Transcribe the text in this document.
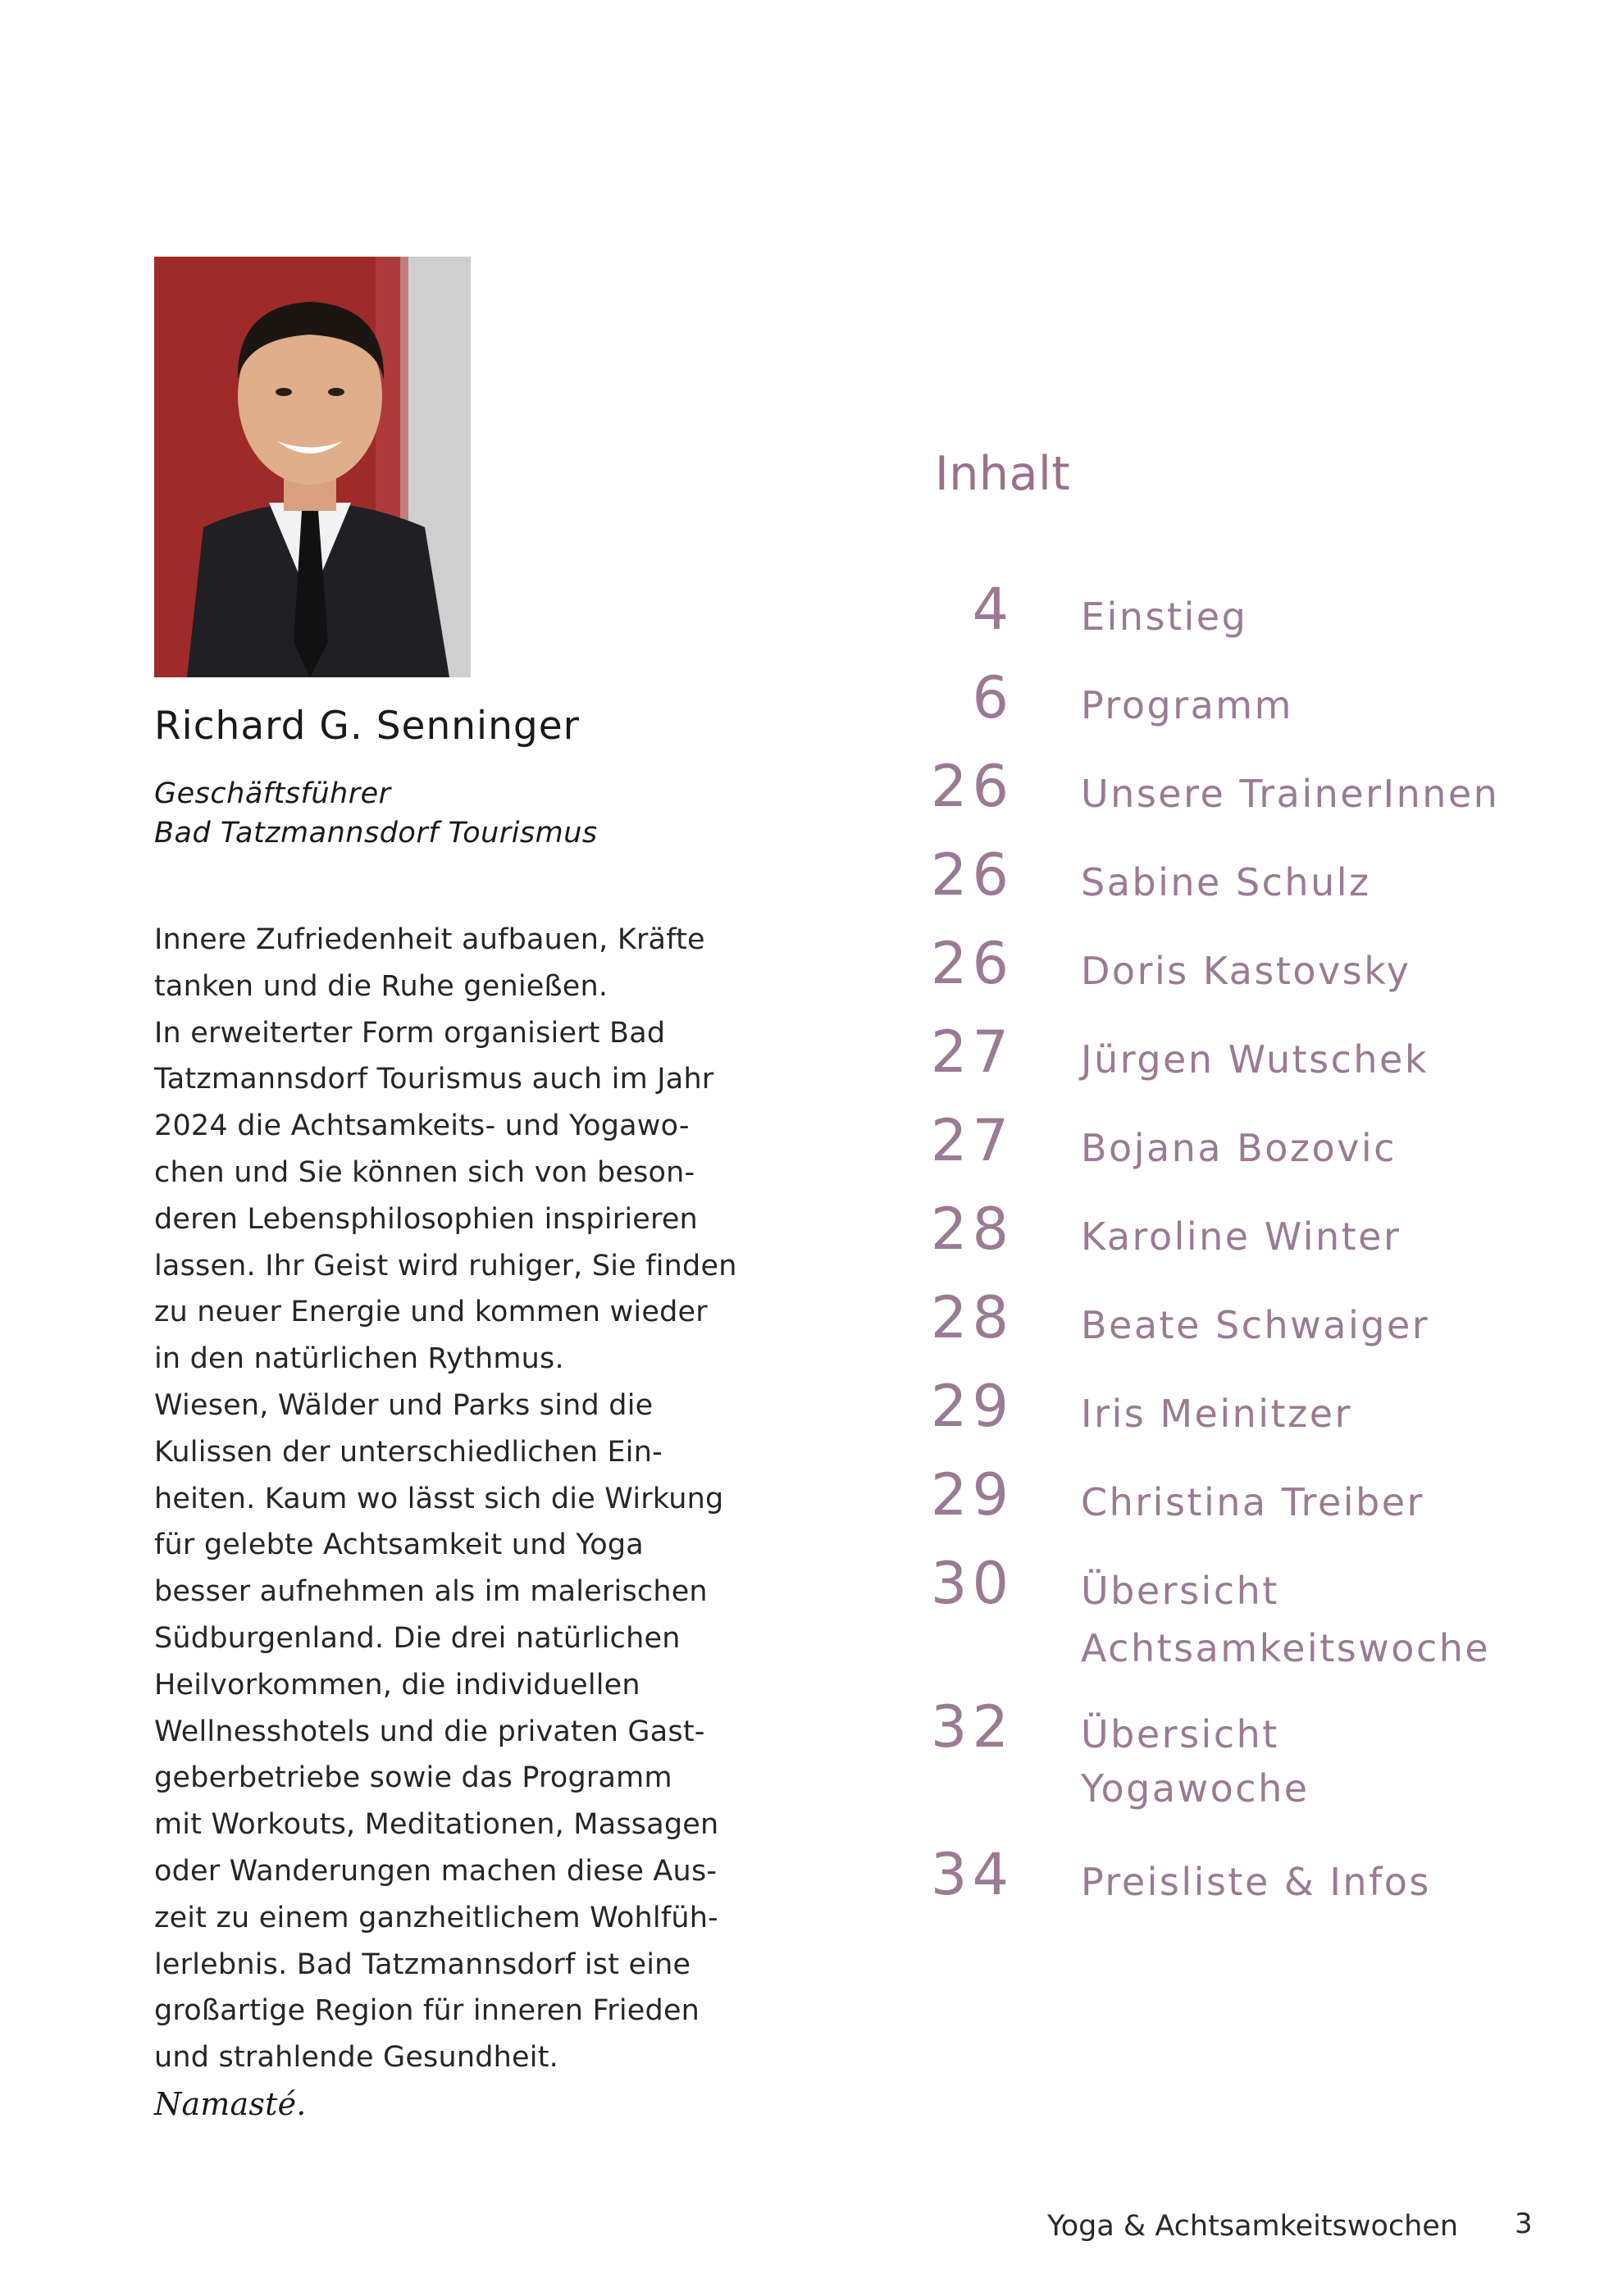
Richard G. Senninger
Geschäftsführer
Bad Tatzmannsdorf Tourismus
Innere Zufriedenheit aufbauen, Kräfte
tanken und die Ruhe genießen.
In erweiterter Form organisiert Bad
Tatzmannsdorf Tourismus auch im Jahr
2024 die Achtsamkeits- und Yogawo-
chen und Sie können sich von beson-
deren Lebensphilosophien inspirieren
lassen. Ihr Geist wird ruhiger, Sie finden
zu neuer Energie und kommen wieder
in den natürlichen Rythmus.
Wiesen, Wälder und Parks sind die
Kulissen der unterschiedlichen Ein-
heiten. Kaum wo lässt sich die Wirkung
für gelebte Achtsamkeit und Yoga
besser aufnehmen als im malerischen
Südburgenland. Die drei natürlichen
Heilvorkommen, die individuellen
Wellnesshotels und die privaten Gast-
geberbetriebe sowie das Programm
mit Workouts, Meditationen, Massagen
oder Wanderungen machen diese Aus-
zeit zu einem ganzheitlichem Wohlfüh-
lerlebnis. Bad Tatzmannsdorf ist eine
großartige Region für inneren Frieden
und strahlende Gesundheit.
Namasté.
Inhalt
4 Einstieg
6 Programm
26 Unsere TrainerInnen
26 Sabine Schulz
26 Doris Kastovsky
27 Jürgen Wutschek
27 Bojana Bozovic
28 Karoline Winter
28 Beate Schwaiger
29 Iris Meinitzer
29 Christina Treiber
30 Übersicht
Achtsamkeitswoche
32 Übersicht
Yogawoche
34 Preisliste & Infos
Yoga & Achtsamkeitswochen 3
